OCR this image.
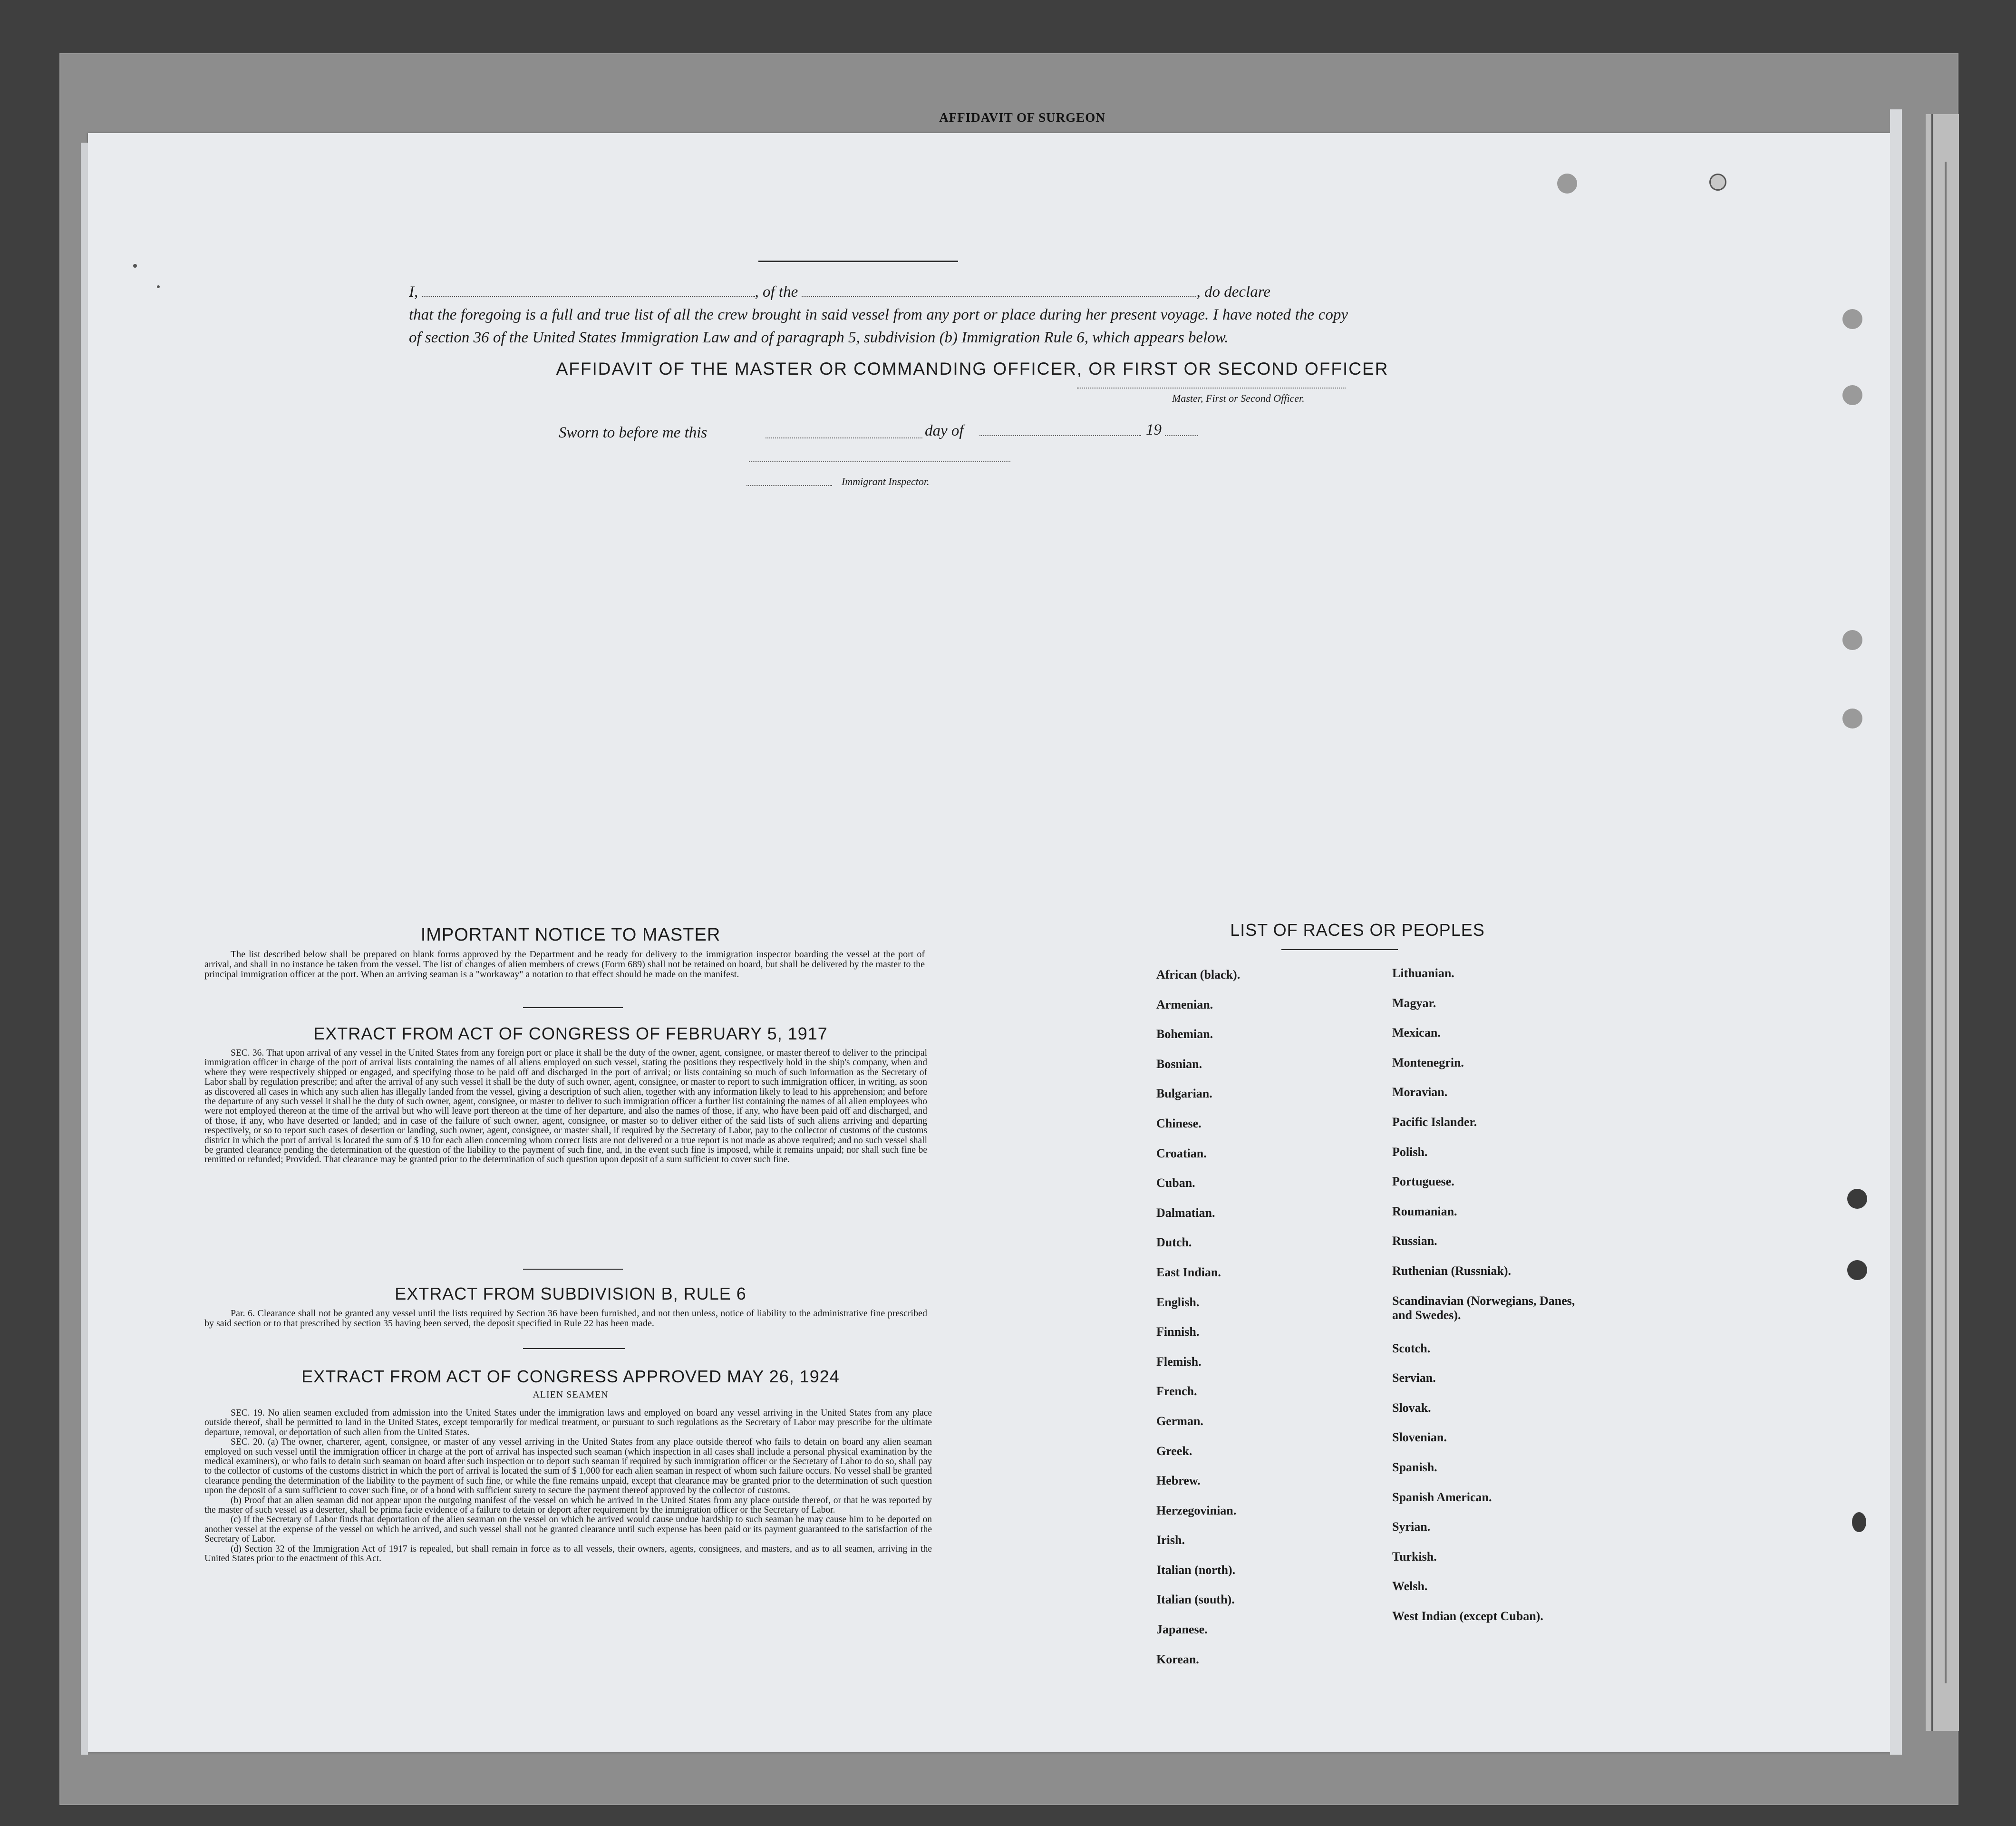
AFFIDAVIT OF SURGEON
AFFIDAVIT OF THE MASTER OR COMMANDING OFFICER, OR FIRST OR SECOND OFFICER
I,	, of the	, do declare
that the foregoing is a full and true list of all the crew brought in said vessel from any port or place during her present voyage. I have noted the copy of section 36 of the United States Immigration Law and of paragraph 5, subdivision (b) Immigration Rule 6, which appears below.
Master, First or Second Officer.
Sworn to before me this	day of	19
Immigrant Inspector.
IMPORTANT NOTICE TO MASTER

The list described below shall be prepared on blank forms approved by the Department and be ready for delivery to the immigration inspector boarding the vessel at the port of arrival, and shall in no instance be taken from the vessel. The list of changes of alien members of crews (Form 689) shall not be retained on board, but shall be delivered by the master to the principal immigration officer at the port. When an arriving seaman is a "workaway" a notation to that effect should be made on the manifest.

EXTRACT FROM ACT OF CONGRESS OF FEBRUARY 5, 1917

SEC. 36. That upon arrival of any vessel in the United States from any foreign port or place it shall be the duty of the owner, agent, consignee, or master thereof to deliver to the principal immigration officer in charge of the port of arrival lists containing the names of all aliens employed on such vessel, stating the positions they respectively hold in the ship's company, when and where they were respectively shipped or engaged, and specifying those to be paid off and discharged in the port of arrival; or lists containing so much of such information as the Secretary of Labor shall by regulation prescribe; and after the arrival of any such vessel it shall be the duty of such owner, agent, consignee, or master to report to such immigration officer, in writing, as soon as discovered all cases in which any such alien has illegally landed from the vessel, giving a description of such alien, together with any information likely to lead to his apprehension; and before the departure of any such vessel it shall be the duty of such owner, agent, consignee, or master to deliver to such immigration officer a further list containing the names of all alien employees who were not employed thereon at the time of the arrival but who will leave port thereon at the time of her departure, and also the names of those, if any, who have been paid off and discharged, and of those, if any, who have deserted or landed; and in case of the failure of such owner, agent, consignee, or master so to deliver either of the said lists of such aliens arriving and departing respectively, or so to report such cases of desertion or landing, such owner, agent, consignee, or master shall, if required by the Secretary of Labor, pay to the collector of customs of the customs district in which the port of arrival is located the sum of $ 10 for each alien concerning whom correct lists are not delivered or a true report is not made as above required; and no such vessel shall be granted clearance pending the determination of the question of the liability to the payment of such fine, and, in the event such fine is imposed, while it remains unpaid; nor shall such fine be remitted or refunded; Provided. That clearance may be granted prior to the determination of such question upon deposit of a sum sufficient to cover such fine.

EXTRACT FROM SUBDIVISION B, RULE 6

Par. 6. Clearance shall not be granted any vessel until the lists required by Section 36 have been furnished, and not then unless, notice of liability to the administrative fine prescribed by said section or to that prescribed by section 35 having been served, the deposit specified in Rule 22 has been made.

EXTRACT FROM ACT OF CONGRESS APPROVED MAY 26, 1924
ALIEN SEAMEN

SEC. 19. No alien seamen excluded from admission into the United States under the immigration laws and employed on board any vessel arriving in the United States from any place outside thereof, shall be permitted to land in the United States, except temporarily for medical treatment, or pursuant to such regulations as the Secretary of Labor may prescribe for the ultimate departure, removal, or deportation of such alien from the United States.

SEC. 20. (a) The owner, charterer, agent, consignee, or master of any vessel arriving in the United States from any place outside thereof who fails to detain on board any alien seaman employed on such vessel until the immigration officer in charge at the port of arrival has inspected such seaman (which inspection in all cases shall include a personal physical examination by the medical examiners), or who fails to detain such seaman on board after such inspection or to deport such seaman if required by such immigration officer or the Secretary of Labor to do so, shall pay to the collector of customs of the customs district in which the port of arrival is located the sum of $ 1,000 for each alien seaman in respect of whom such failure occurs. No vessel shall be granted clearance pending the determination of the liability to the payment of such fine, or while the fine remains unpaid, except that clearance may be granted prior to the determination of such question upon the deposit of a sum sufficient to cover such fine, or of a bond with sufficient surety to secure the payment thereof approved by the collector of customs.

(b) Proof that an alien seaman did not appear upon the outgoing manifest of the vessel on which he arrived in the United States from any place outside thereof, or that he was reported by the master of such vessel as a deserter, shall be prima facie evidence of a failure to detain or deport after requirement by the immigration officer or the Secretary of Labor.

(c) If the Secretary of Labor finds that deportation of the alien seaman on the vessel on which he arrived would cause undue hardship to such seaman he may cause him to be deported on another vessel at the expense of the vessel on which he arrived, and such vessel shall not be granted clearance until such expense has been paid or its payment guaranteed to the satisfaction of the Secretary of Labor.

(d) Section 32 of the Immigration Act of 1917 is repealed, but shall remain in force as to all vessels, their owners, agents, consignees, and masters, and as to all seamen, arriving in the United States prior to the enactment of this Act.

LIST OF RACES OR PEOPLES
African (black).
Armenian.
Bohemian.
Bosnian.
Bulgarian.
Chinese.
Croatian.
Cuban.
Dalmatian.
Dutch.
East Indian.
English.
Finnish.
Flemish.
French.
German.
Greek.
Hebrew.
Herzegovinian.
Irish.
Italian (north).
Italian (south).
Japanese.
Korean.
Lithuanian.
Magyar.
Mexican.
Montenegrin.
Moravian.
Pacific Islander.
Polish.
Portuguese.
Roumanian.
Russian.
Ruthenian (Russniak).
Scandinavian (Norwegians, Danes, and Swedes).
Scotch.
Servian.
Slovak.
Slovenian.
Spanish.
Spanish American.
Syrian.
Turkish.
Welsh.
West Indian (except Cuban).
